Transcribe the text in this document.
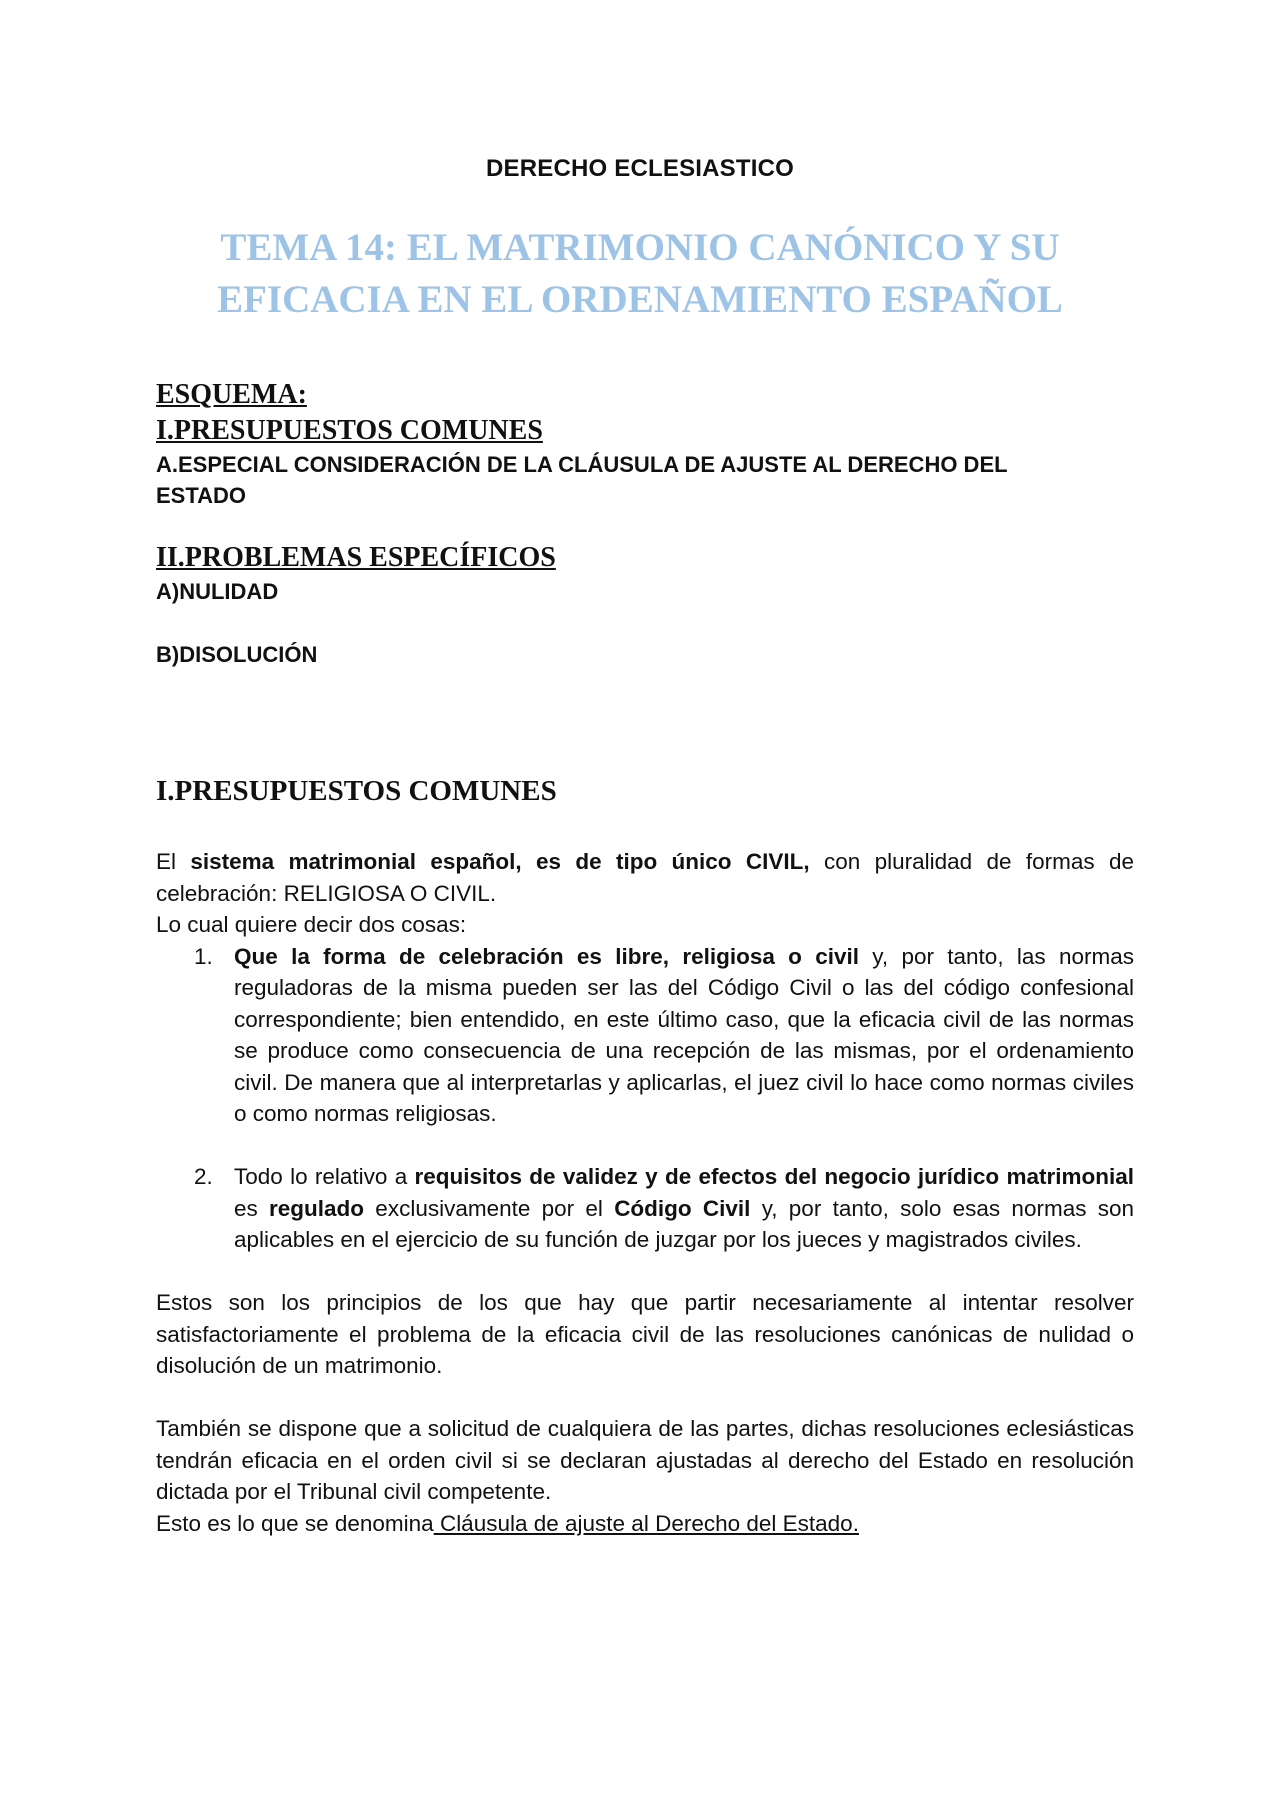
DERECHO ECLESIASTICO
TEMA 14: EL MATRIMONIO CANÓNICO Y SU
EFICACIA EN EL ORDENAMIENTO ESPAÑOL

ESQUEMA:

I.PRESUPUESTOS COMUNES

A.ESPECIAL CONSIDERACIÓN DE LA CLÁUSULA DE AJUSTE AL DERECHO DEL
ESTADO

II.PROBLEMAS ESPECÍFICOS

A)NULIDAD

B)DISOLUCIÓN

I.PRESUPUESTOS COMUNES

El sistema matrimonial español, es de tipo único CIVIL, con pluralidad de formas de celebración: RELIGIOSA O CIVIL.

Lo cual quiere decir dos cosas:

1. Que la forma de celebración es libre, religiosa o civil y, por tanto, las normas reguladoras de la misma pueden ser las del Código Civil o las del código confesional correspondiente; bien entendido, en este último caso, que la eficacia civil de las normas se produce como consecuencia de una recepción de las mismas, por el ordenamiento civil. De manera que al interpretarlas y aplicarlas, el juez civil lo hace como normas civiles o como normas religiosas.
2. Todo lo relativo a requisitos de validez y de efectos del negocio jurídico matrimonial es regulado exclusivamente por el Código Civil y, por tanto, solo esas normas son aplicables en el ejercicio de su función de juzgar por los jueces y magistrados civiles.

Estos son los principios de los que hay que partir necesariamente al intentar resolver satisfactoriamente el problema de la eficacia civil de las resoluciones canónicas de nulidad o disolución de un matrimonio.

También se dispone que a solicitud de cualquiera de las partes, dichas resoluciones eclesiásticas tendrán eficacia en el orden civil si se declaran ajustadas al derecho del Estado en resolución dictada por el Tribunal civil competente.

Esto es lo que se denomina Cláusula de ajuste al Derecho del Estado.
